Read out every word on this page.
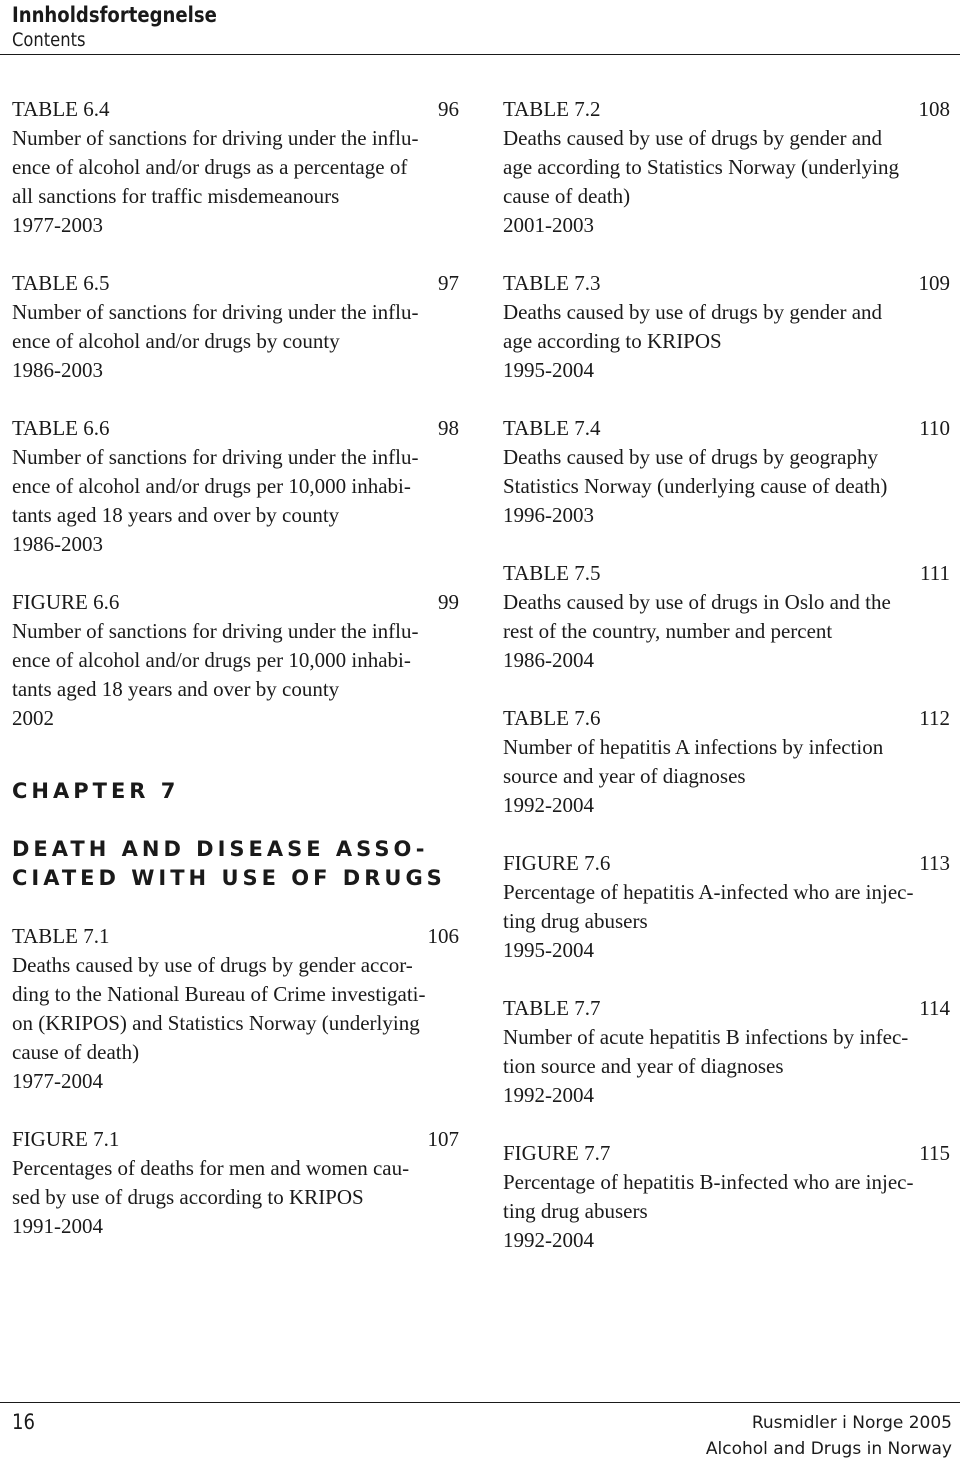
Innholdsfortegnelse
Contents
TABLE 6.4	96
Number of sanctions for driving under the influ-
ence of alcohol and/or drugs as a percentage of
all sanctions for traffic misdemeanours
1977-2003
TABLE 6.5	97
Number of sanctions for driving under the influ-
ence of alcohol and/or drugs by county
1986-2003
TABLE 6.6	98
Number of sanctions for driving under the influ-
ence of alcohol and/or drugs per 10,000 inhabi-
tants aged 18 years and over by county
1986-2003
FIGURE 6.6	99
Number of sanctions for driving under the influ-
ence of alcohol and/or drugs per 10,000 inhabi-
tants aged 18 years and over by county
2002
CHAPTER 7
DEATH AND DISEASE ASSO-
CIATED WITH USE OF DRUGS
TABLE 7.1	106
Deaths caused by use of drugs by gender accor-
ding to the National Bureau of Crime investigati-
on (KRIPOS) and Statistics Norway (underlying
cause of death)
1977-2004
FIGURE 7.1	107
Percentages of deaths for men and women cau-
sed by use of drugs according to KRIPOS
1991-2004
TABLE 7.2	108
Deaths caused by use of drugs by gender and
age according to Statistics Norway (underlying
cause of death)
2001-2003
TABLE 7.3	109
Deaths caused by use of drugs by gender and
age according to KRIPOS
1995-2004
TABLE 7.4	110
Deaths caused by use of drugs by geography
Statistics Norway (underlying cause of death)
1996-2003
TABLE 7.5	111
Deaths caused by use of drugs in Oslo and the
rest of the country, number and percent
1986-2004
TABLE 7.6	112
Number of hepatitis A infections by infection
source and year of diagnoses
1992-2004
FIGURE 7.6	113
Percentage of hepatitis A-infected who are injec-
ting drug abusers
1995-2004
TABLE 7.7	114
Number of acute hepatitis B infections by infec-
tion source and year of diagnoses
1992-2004
FIGURE 7.7	115
Percentage of hepatitis B-infected who are injec-
ting drug abusers
1992-2004
16	Rusmidler i Norge 2005
Alcohol and Drugs in Norway
